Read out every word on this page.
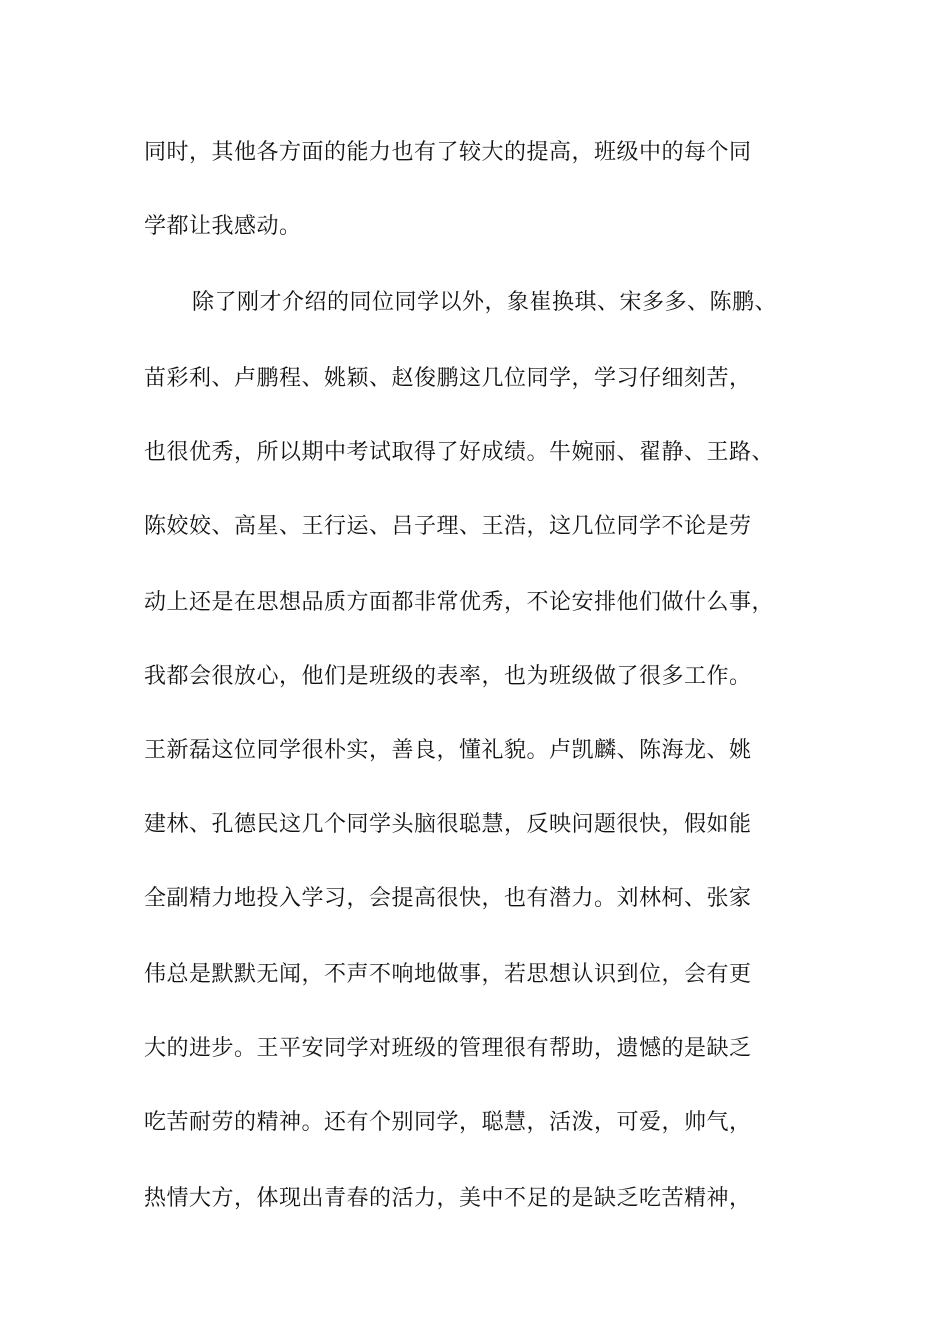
同时，其他各方面的能力也有了较大的提高，班级中的每个同
学都让我感动。
除了刚才介绍的同位同学以外，象崔换琪、宋多多、陈鹏、
苗彩利、卢鹏程、姚颖、赵俊鹏这几位同学，学习仔细刻苦，
也很优秀，所以期中考试取得了好成绩。牛婉丽、翟静、王路、
陈姣姣、高星、王行运、吕子理、王浩，这几位同学不论是劳
动上还是在思想品质方面都非常优秀，不论安排他们做什么事，
我都会很放心，他们是班级的表率，也为班级做了很多工作。
王新磊这位同学很朴实，善良，懂礼貌。卢凯麟、陈海龙、姚
建林、孔德民这几个同学头脑很聪慧，反映问题很快，假如能
全副精力地投入学习，会提高很快，也有潜力。刘林柯、张家
伟总是默默无闻，不声不响地做事，若思想认识到位，会有更
大的进步。王平安同学对班级的管理很有帮助，遗憾的是缺乏
吃苦耐劳的精神。还有个别同学，聪慧，活泼，可爱，帅气，
热情大方，体现出青春的活力，美中不足的是缺乏吃苦精神，
